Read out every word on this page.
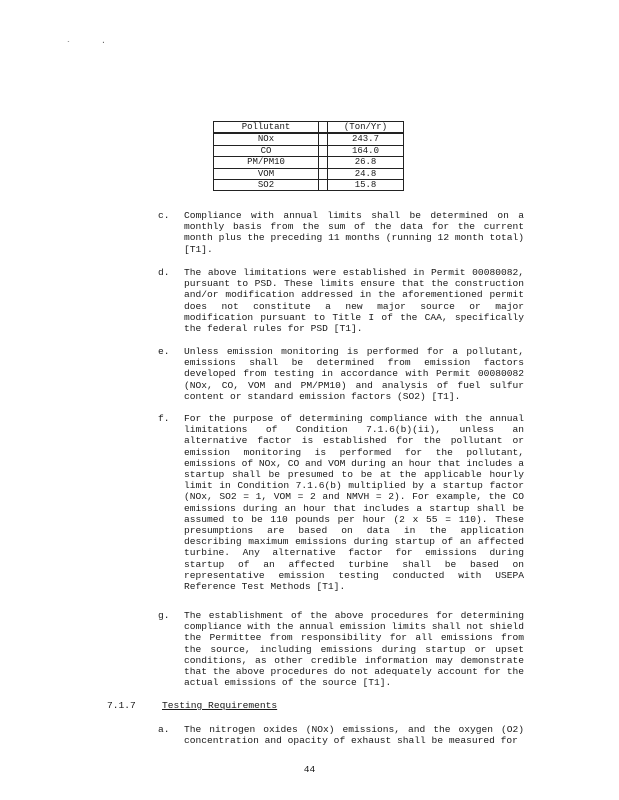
`	.
Pollutant		(Ton/Yr)
NOx		243.7
CO		164.0
PM/PM10		26.8
VOM		24.8
SO2		15.8
c. Compliance with annual limits shall be determined on a monthly basis from the sum of the data for the current month plus the preceding 11 months (running 12 month total) [T1].
d. The above limitations were established in Permit 00080082, pursuant to PSD. These limits ensure that the construction and/or modification addressed in the aforementioned permit does not constitute a new major source or major modification pursuant to Title I of the CAA, specifically the federal rules for PSD [T1].
e. Unless emission monitoring is performed for a pollutant, emissions shall be determined from emission factors developed from testing in accordance with Permit 00080082 (NOx, CO, VOM and PM/PM10) and analysis of fuel sulfur content or standard emission factors (SO2) [T1].
f. For the purpose of determining compliance with the annual limitations of Condition 7.1.6(b)(ii), unless an alternative factor is established for the pollutant or emission monitoring is performed for the pollutant, emissions of NOx, CO and VOM during an hour that includes a startup shall be presumed to be at the applicable hourly limit in Condition 7.1.6(b) multiplied by a startup factor (NOx, SO2 = 1, VOM = 2 and NMVH = 2). For example, the CO emissions during an hour that includes a startup shall be assumed to be 110 pounds per hour (2 x 55 = 110). These presumptions are based on data in the application describing maximum emissions during startup of an affected turbine. Any alternative factor for emissions during startup of an affected turbine shall be based on representative emission testing conducted with USEPA Reference Test Methods [T1].
g. The establishment of the above procedures for determining compliance with the annual emission limits shall not shield the Permittee from responsibility for all emissions from the source, including emissions during startup or upset conditions, as other credible information may demonstrate that the above procedures do not adequately account for the actual emissions of the source [T1].
7.1.7	Testing Requirements
a. The nitrogen oxides (NOx) emissions, and the oxygen (O2) concentration and opacity of exhaust shall be measured for
44
